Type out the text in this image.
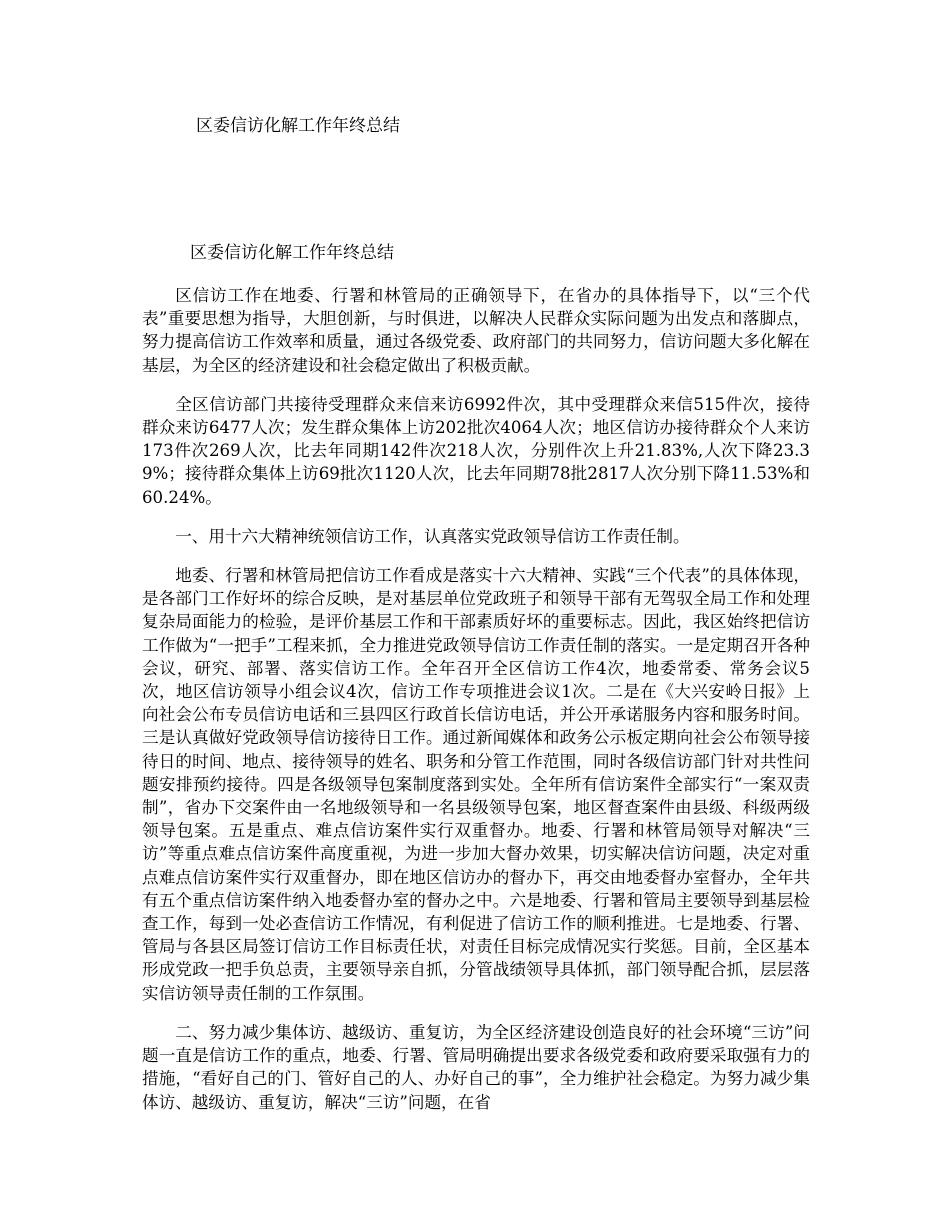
区委信访化解工作年终总结
区委信访化解工作年终总结

区信访工作在地委、行署和林管局的正确领导下，在省办的具体指导下，以“三个代表”重要思想为指导，大胆创新，与时俱进，以解决人民群众实际问题为出发点和落脚点，努力提高信访工作效率和质量，通过各级党委、政府部门的共同努力，信访问题大多化解在基层，为全区的经济建设和社会稳定做出了积极贡献。

全区信访部门共接待受理群众来信来访6992件次，其中受理群众来信515件次，接待群众来访6477人次；发生群众集体上访202批次4064人次；地区信访办接待群众个人来访173件次269人次，比去年同期142件次218人次，分别件次上升21.83%,人次下降23.39%；接待群众集体上访69批次1120人次，比去年同期78批2817人次分别下降11.53%和60.24%。

一、用十六大精神统领信访工作，认真落实党政领导信访工作责任制。

地委、行署和林管局把信访工作看成是落实十六大精神、实践“三个代表”的具体体现，是各部门工作好坏的综合反映，是对基层单位党政班子和领导干部有无驾驭全局工作和处理复杂局面能力的检验，是评价基层工作和干部素质好坏的重要标志。因此，我区始终把信访工作做为“一把手”工程来抓，全力推进党政领导信访工作责任制的落实。一是定期召开各种会议，研究、部署、落实信访工作。全年召开全区信访工作4次，地委常委、常务会议5次，地区信访领导小组会议4次，信访工作专项推进会议1次。二是在《大兴安岭日报》上向社会公布专员信访电话和三县四区行政首长信访电话，并公开承诺服务内容和服务时间。三是认真做好党政领导信访接待日工作。通过新闻媒体和政务公示板定期向社会公布领导接待日的时间、地点、接待领导的姓名、职务和分管工作范围，同时各级信访部门针对共性问题安排预约接待。四是各级领导包案制度落到实处。全年所有信访案件全部实行“一案双责制”，省办下交案件由一名地级领导和一名县级领导包案，地区督查案件由县级、科级两级领导包案。五是重点、难点信访案件实行双重督办。地委、行署和林管局领导对解决“三访”等重点难点信访案件高度重视，为进一步加大督办效果，切实解决信访问题，决定对重点难点信访案件实行双重督办，即在地区信访办的督办下，再交由地委督办室督办，全年共有五个重点信访案件纳入地委督办室的督办之中。六是地委、行署和管局主要领导到基层检查工作，每到一处必查信访工作情况，有利促进了信访工作的顺利推进。七是地委、行署、管局与各县区局签订信访工作目标责任状，对责任目标完成情况实行奖惩。目前，全区基本形成党政一把手负总责，主要领导亲自抓，分管战绩领导具体抓，部门领导配合抓，层层落实信访领导责任制的工作氛围。

二、努力减少集体访、越级访、重复访，为全区经济建设创造良好的社会环境“三访”问题一直是信访工作的重点，地委、行署、管局明确提出要求各级党委和政府要采取强有力的措施，“看好自己的门、管好自己的人、办好自己的事”，全力维护社会稳定。为努力减少集体访、越级访、重复访，解决“三访”问题，在省
